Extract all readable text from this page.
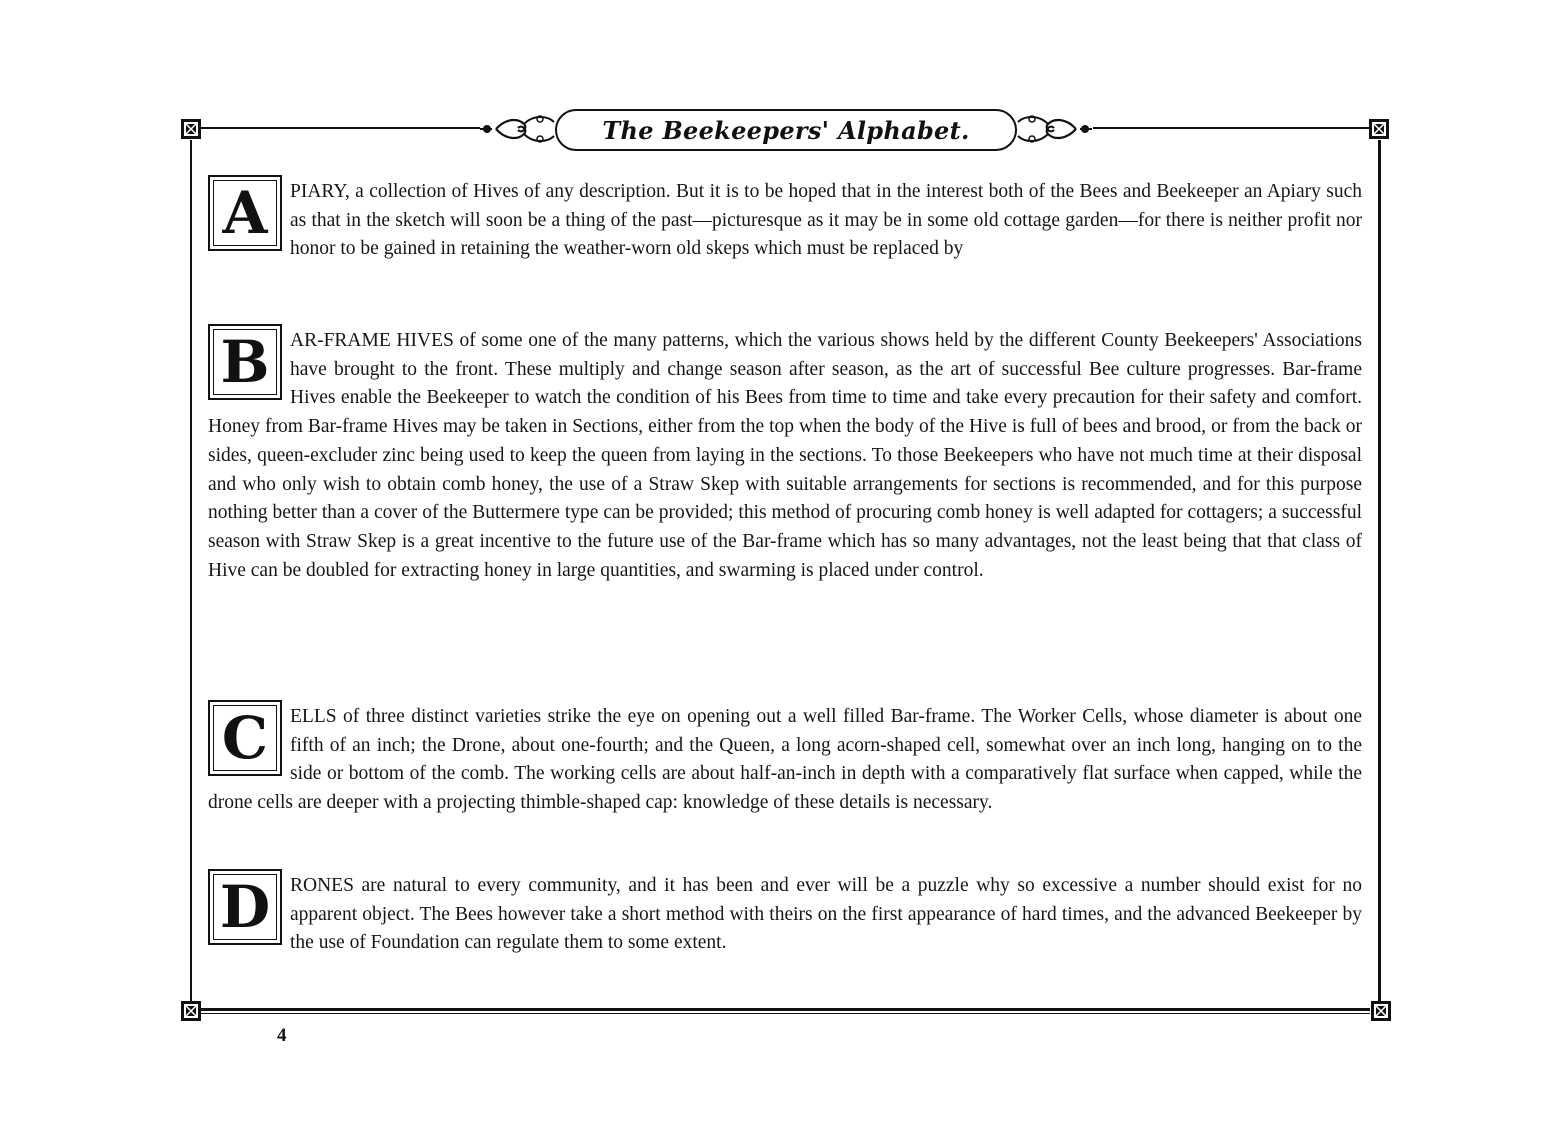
The Beekeepers' Alphabet.

A PIARY, a collection of Hives of any description. But it is to be hoped that in the interest both of the Bees and Beekeeper an Apiary such as that in the sketch will soon be a thing of the past—picturesque as it may be in some old cottage garden—for there is neither profit nor honor to be gained in retaining the weather-worn old skeps which must be replaced by

B AR-FRAME HIVES of some one of the many patterns, which the various shows held by the different County Beekeepers' Associations have brought to the front. These multiply and change season after season, as the art of successful Bee culture progresses. Bar-frame Hives enable the Beekeeper to watch the condition of his Bees from time to time and take every precaution for their safety and comfort. Honey from Bar-frame Hives may be taken in Sections, either from the top when the body of the Hive is full of bees and brood, or from the back or sides, queen-excluder zinc being used to keep the queen from laying in the sections. To those Beekeepers who have not much time at their disposal and who only wish to obtain comb honey, the use of a Straw Skep with suitable arrangements for sections is recommended, and for this purpose nothing better than a cover of the Buttermere type can be provided; this method of procuring comb honey is well adapted for cottagers; a successful season with Straw Skep is a great incentive to the future use of the Bar-frame which has so many advantages, not the least being that that class of Hive can be doubled for extracting honey in large quantities, and swarming is placed under control.

C ELLS of three distinct varieties strike the eye on opening out a well filled Bar-frame. The Worker Cells, whose diameter is about one fifth of an inch; the Drone, about one-fourth; and the Queen, a long acorn-shaped cell, somewhat over an inch long, hanging on to the side or bottom of the comb. The working cells are about half-an-inch in depth with a comparatively flat surface when capped, while the drone cells are deeper with a projecting thimble-shaped cap: knowledge of these details is necessary.

D RONES are natural to every community, and it has been and ever will be a puzzle why so excessive a number should exist for no apparent object. The Bees however take a short method with theirs on the first appearance of hard times, and the advanced Beekeeper by the use of Foundation can regulate them to some extent.

4
